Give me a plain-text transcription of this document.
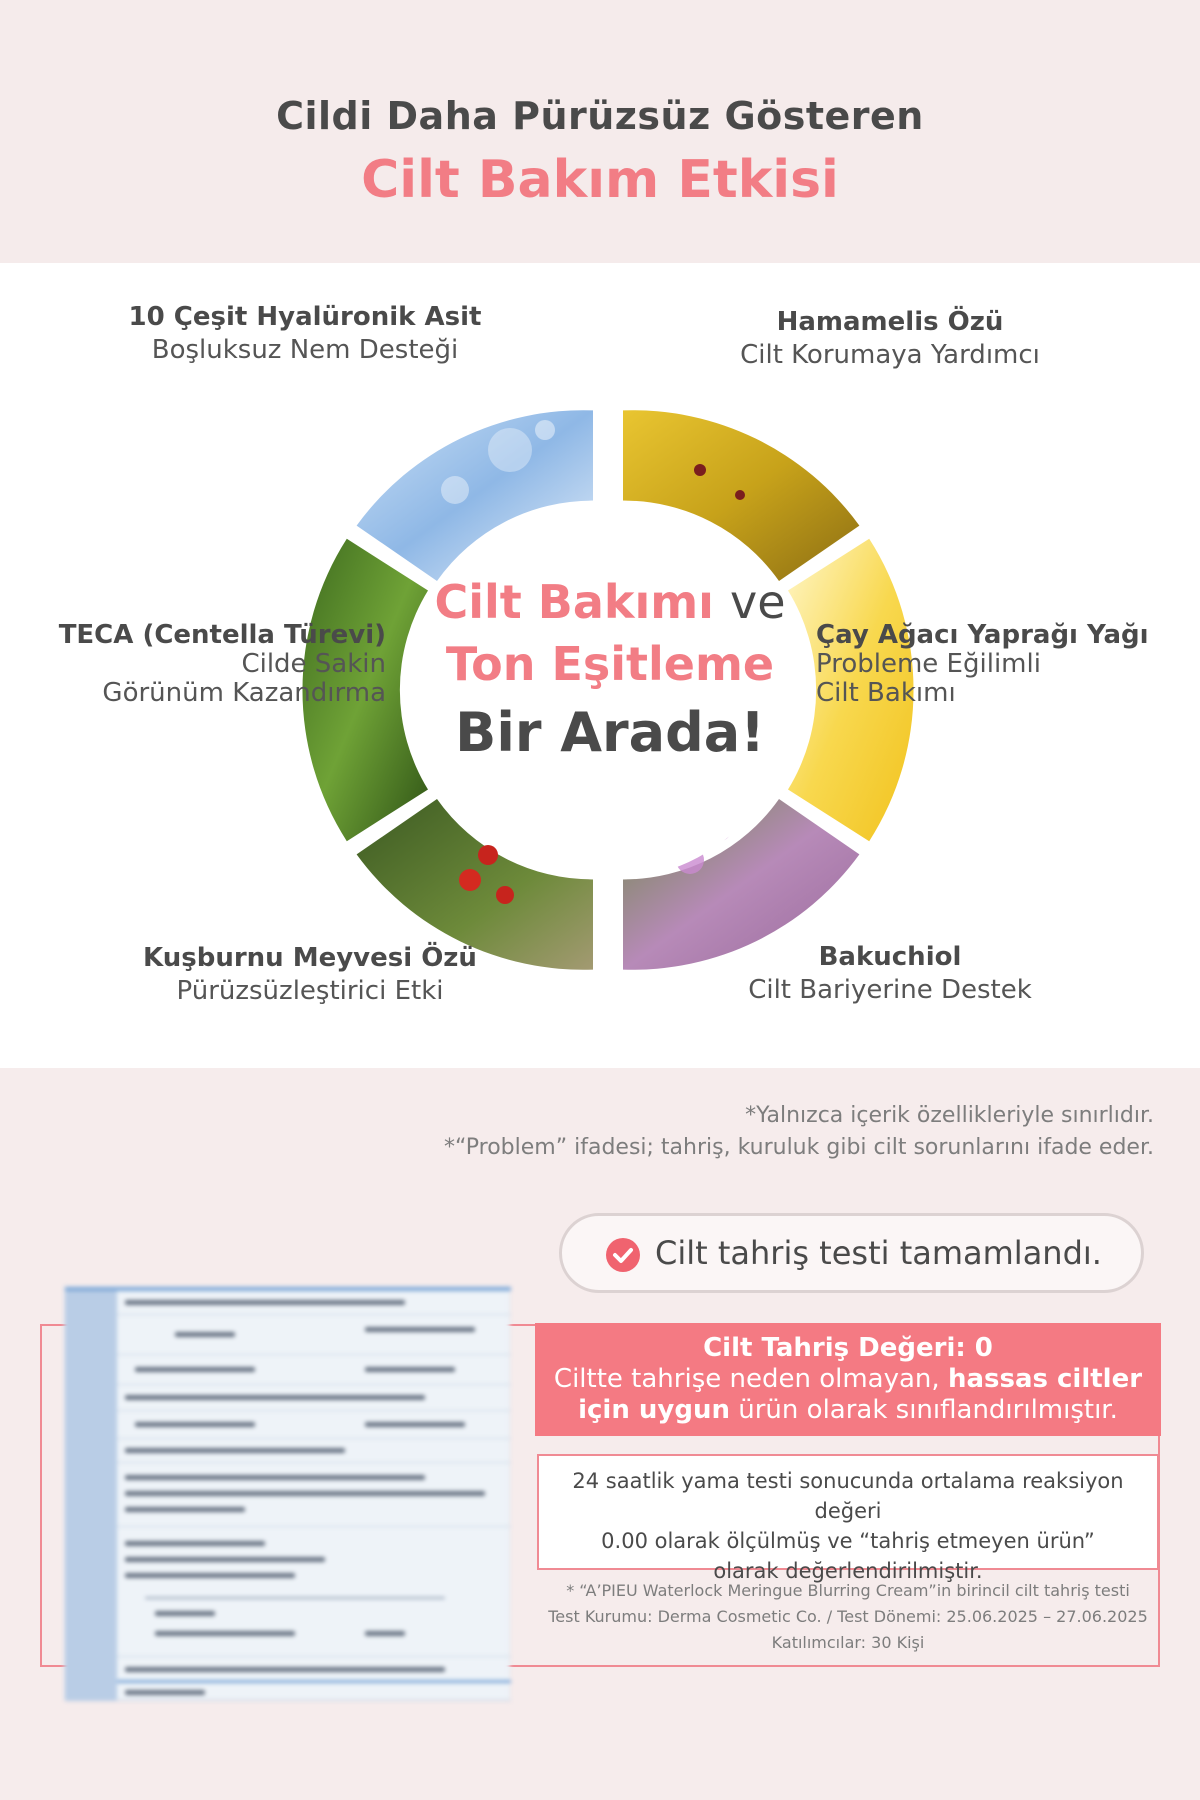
Cildi Daha Pürüzsüz Gösteren
Cilt Bakım Etkisi
Cilt Bakımı ve
Ton Eşitleme
Bir Arada!
10 Çeşit Hyalüronik Asit
Boşluksuz Nem Desteği
Hamamelis Özü
Cilt Korumaya Yardımcı
TECA (Centella Türevi)
Cilde Sakin
Görünüm Kazandırma
Çay Ağacı Yaprağı Yağı
Probleme Eğilimli
Cilt Bakımı
Kuşburnu Meyvesi Özü
Pürüzsüzleştirici Etki
Bakuchiol
Cilt Bariyerine Destek
*Yalnızca içerik özellikleriyle sınırlıdır.
*“Problem” ifadesi; tahriş, kuruluk gibi cilt sorunlarını ifade eder.
Cilt tahriş testi tamamlandı.
Cilt Tahriş Değeri: 0
Ciltte tahrişe neden olmayan, hassas ciltler
için uygun ürün olarak sınıflandırılmıştır.
24 saatlik yama testi sonucunda ortalama reaksiyon değeri
0.00 olarak ölçülmüş ve “tahriş etmeyen ürün”
olarak değerlendirilmiştir.
* “A’PIEU Waterlock Meringue Blurring Cream”in birincil cilt tahriş testi
Test Kurumu: Derma Cosmetic Co. / Test Dönemi: 25.06.2025 – 27.06.2025
Katılımcılar: 30 Kişi
